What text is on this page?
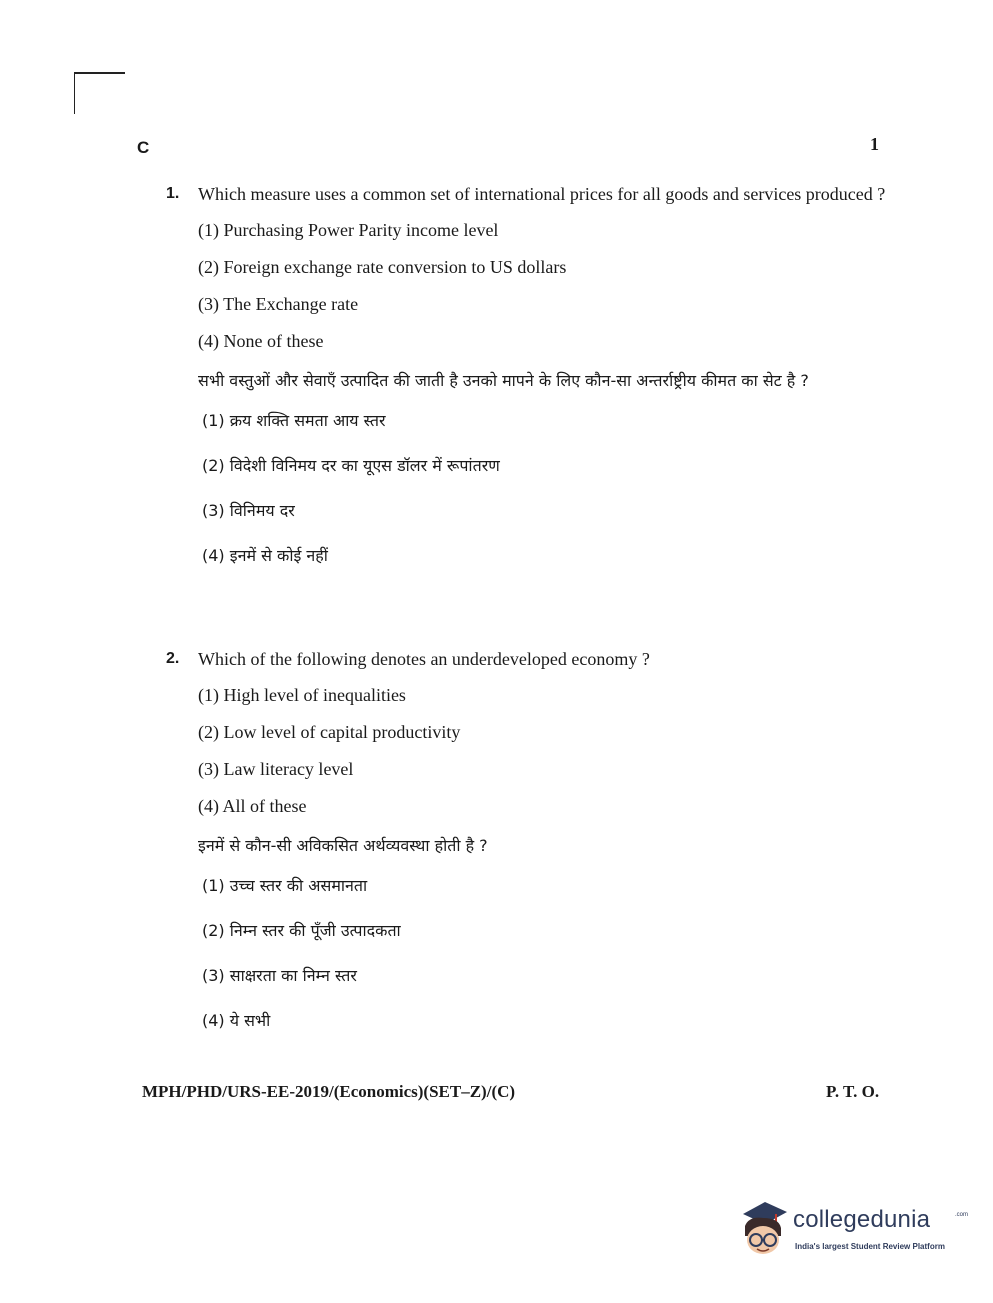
C	1
1.	Which measure uses a common set of international prices for all goods and services produced ?
(1) Purchasing Power Parity income level
(2) Foreign exchange rate conversion to US dollars
(3) The Exchange rate
(4) None of these
सभी वस्तुओं और सेवाएँ उत्पादित की जाती है उनको मापने के लिए कौन-सा अन्तर्राष्ट्रीय कीमत का सेट है ?
(1) क्रय शक्ति समता आय स्तर
(2) विदेशी विनिमय दर का यूएस डॉलर में रूपांतरण
(3) विनिमय दर
(4) इनमें से कोई नहीं
2.	Which of the following denotes an underdeveloped economy ?
(1) High level of inequalities
(2) Low level of capital productivity
(3) Law literacy level
(4) All of these
इनमें से कौन-सी अविकसित अर्थव्यवस्था होती है ?
(1) उच्च स्तर की असमानता
(2) निम्न स्तर की पूँजी उत्पादकता
(3) साक्षरता का निम्न स्तर
(4) ये सभी
MPH/PHD/URS-EE-2019/(Economics)(SET–Z)/(C)	P. T. O.
collegedunia	.com
India's largest Student Review Platform
